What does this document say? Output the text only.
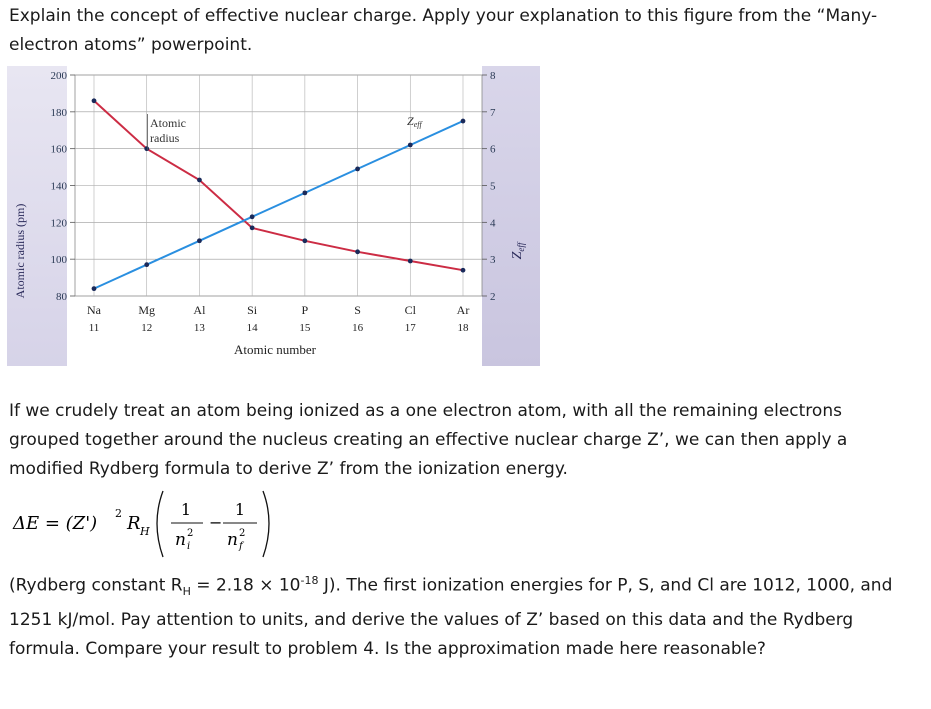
Explain the concept of effective nuclear charge. Apply your explanation to this figure from the “Many-electron atoms” powerpoint.

200
180
160
140
120
100
80
8
7
6
5
4
3
2
Na
11
Mg
12
Al
13
Si
14
P
15
S
16
Cl
17
Ar
18
Atomic radius (pm)	$Z_{eff}$
Atomic number
Atomic
radius
Zeff

If we crudely treat an atom being ionized as a one electron atom, with all the remaining electrons grouped together around the nucleus creating an effective nuclear charge Z’, we can then apply a modified Rydberg formula to derive Z’ from the ionization energy.

ΔE = (Z') 2 R H
1
n 2
i
−
1
n 2
f

(Rydberg constant $R_H = 2.18 \times 10^{-18}$ J). The first ionization energies for P, S, and Cl are 1012, 1000, and 1251 kJ/mol. Pay attention to units, and derive the values of Z’ based on this data and the Rydberg formula. Compare your result to problem 4. Is the approximation made here reasonable?
